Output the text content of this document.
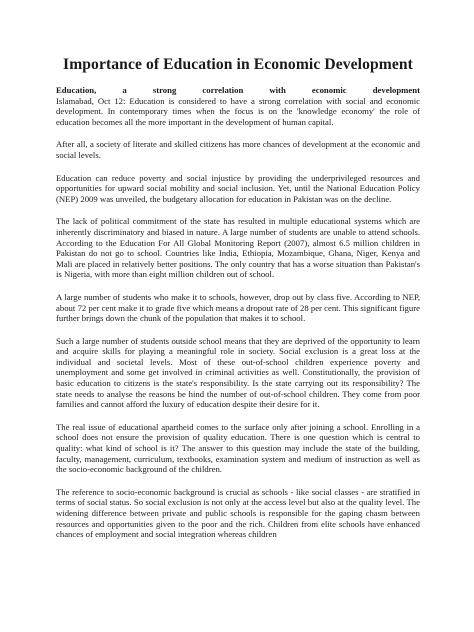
Importance of Education in Economic Development

Education, a strong correlation with economic development

Islamabad, Oct 12: Education is considered to have a strong correlation with social and economic development. In contemporary times when the focus is on the 'knowledge economy' the role of education becomes all the more important in the development of human capital.

After all, a society of literate and skilled citizens has more chances of development at the economic and social levels.

Education can reduce poverty and social injustice by providing the underprivileged resources and opportunities for upward social mobility and social inclusion. Yet, until the National Education Policy (NEP) 2009 was unveiled, the budgetary allocation for education in Pakistan was on the decline.

The lack of political commitment of the state has resulted in multiple educational systems which are inherently discriminatory and biased in nature. A large number of students are unable to attend schools. According to the Education For All Global Monitoring Report (2007), almost 6.5 million children in Pakistan do not go to school. Countries like India, Ethiopia, Mozambique, Ghana, Niger, Kenya and Mali are placed in relatively better positions. The only country that has a worse situation than Pakistan's is Nigeria, with more than eight million children out of school.

A large number of students who make it to schools, however, drop out by class five. According to NEP, about 72 per cent make it to grade five which means a dropout rate of 28 per cent. This significant figure further brings down the chunk of the population that makes it to school.

Such a large number of students outside school means that they are deprived of the opportunity to learn and acquire skills for playing a meaningful role in society. Social exclusion is a great loss at the individual and societal levels. Most of these out-of-school children experience poverty and unemployment and some get involved in criminal activities as well. Constitutionally, the provision of basic education to citizens is the state's responsibility. Is the state carrying out its responsibility? The state needs to analyse the reasons be hind the number of out-of-school children. They come from poor families and cannot afford the luxury of education despite their desire for it.

The real issue of educational apartheid comes to the surface only after joining a school. Enrolling in a school does not ensure the provision of quality education. There is one question which is central to quality: what kind of school is it? The answer to this question may include the state of the building, faculty, management, curriculum, textbooks, examination system and medium of instruction as well as the socio-economic background of the children.

The reference to socio-economic background is crucial as schools - like social classes - are stratified in terms of social status. So social exclusion is not only at the access level but also at the quality level. The widening difference between private and public schools is responsible for the gaping chasm between resources and opportunities given to the poor and the rich. Children from elite schools have enhanced chances of employment and social integration whereas children
